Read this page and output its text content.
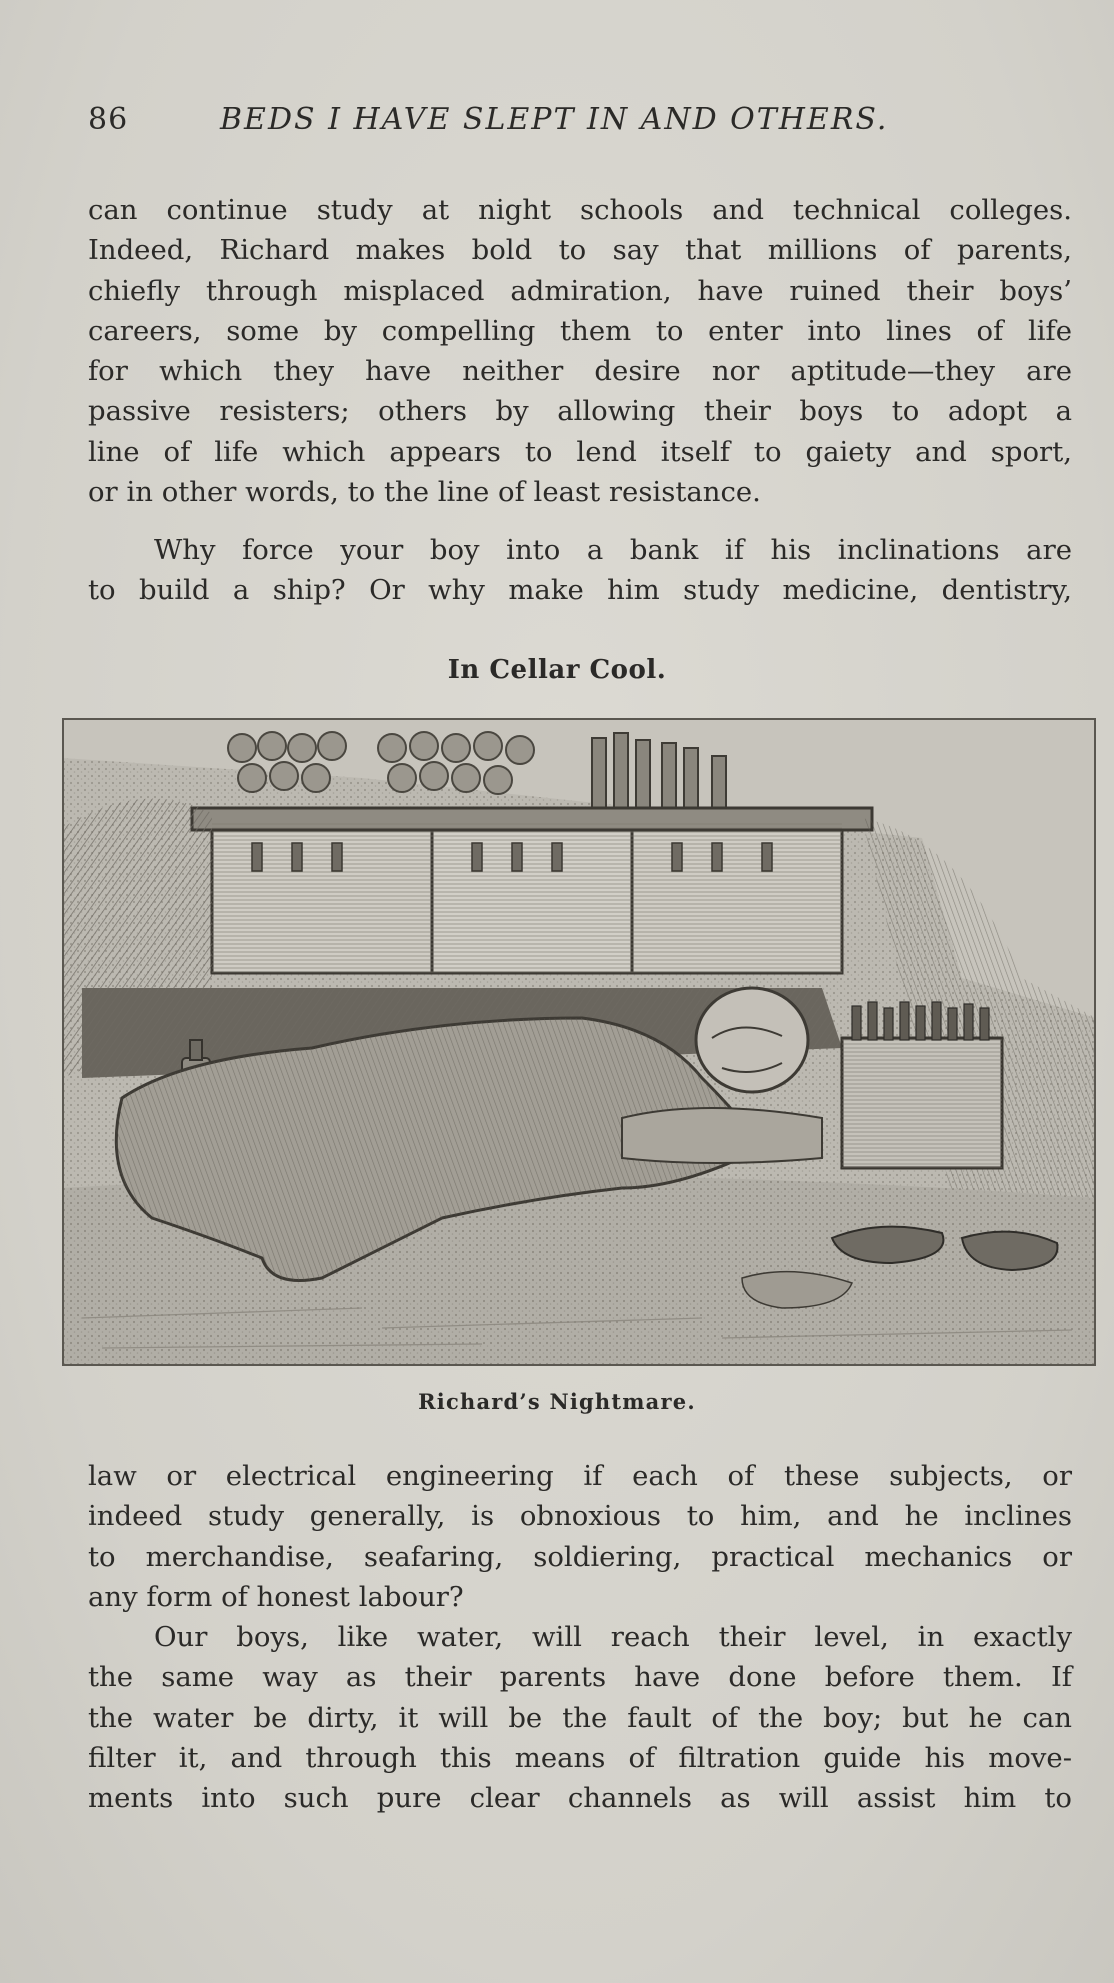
86	BEDS I HAVE SLEPT IN AND OTHERS.
can continue study at night schools and technical colleges.
Indeed, Richard makes bold to say that millions of parents,
chiefly through misplaced admiration, have ruined their boys’
careers, some by compelling them to enter into lines of life
for which they have neither desire nor aptitude—they are
passive resisters; others by allowing their boys to adopt a
line of life which appears to lend itself to gaiety and sport,
or in other words, to the line of least resistance.
Why force your boy into a bank if his inclinations are
to build a ship? Or why make him study medicine, dentistry,
In Cellar Cool.
Richard’s Nightmare.
law or electrical engineering if each of these subjects, or
indeed study generally, is obnoxious to him, and he inclines
to merchandise, seafaring, soldiering, practical mechanics or
any form of honest labour?
Our boys, like water, will reach their level, in exactly
the same way as their parents have done before them. If
the water be dirty, it will be the fault of the boy; but he can
filter it, and through this means of filtration guide his move-
ments into such pure clear channels as will assist him to
